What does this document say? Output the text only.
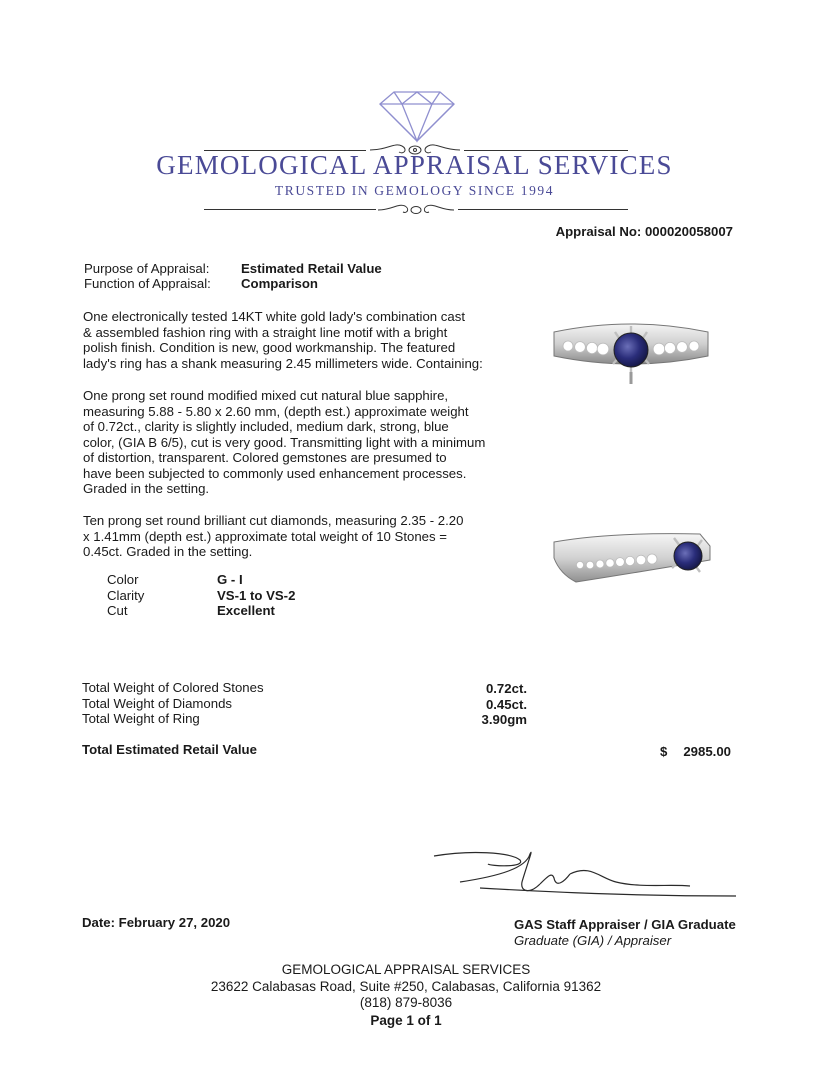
GEMOLOGICAL APPRAISAL SERVICES
TRUSTED IN GEMOLOGY SINCE 1994
Appraisal No: 000020058007
Purpose of Appraisal: Estimated Retail Value
Function of Appraisal: Comparison
One electronically tested 14KT white gold lady's combination cast
& assembled fashion ring with a straight line motif with a bright
polish finish. Condition is new, good workmanship. The featured
lady's ring has a shank measuring 2.45 millimeters wide. Containing:
One prong set round modified mixed cut natural blue sapphire,
measuring 5.88 - 5.80 x 2.60 mm, (depth est.) approximate weight
of 0.72ct., clarity is slightly included, medium dark, strong, blue
color, (GIA B 6/5), cut is very good. Transmitting light with a minimum
of distortion, transparent. Colored gemstones are presumed to
have been subjected to commonly used enhancement processes.
Graded in the setting.
Ten prong set round brilliant cut diamonds, measuring 2.35 - 2.20
x 1.41mm (depth est.) approximate total weight of 10 Stones =
0.45ct. Graded in the setting.
Color	G - I
Clarity	VS-1 to VS-2
Cut	Excellent
Total Weight of Colored Stones	0.72ct.
Total Weight of Diamonds	0.45ct.
Total Weight of Ring	3.90gm
Total Estimated Retail Value	$ 2985.00
Date: February 27, 2020	GAS Staff Appraiser / GIA Graduate
Graduate (GIA) / Appraiser
GEMOLOGICAL APPRAISAL SERVICES
23622 Calabasas Road, Suite #250, Calabasas, California 91362
(818) 879-8036
Page 1 of 1
